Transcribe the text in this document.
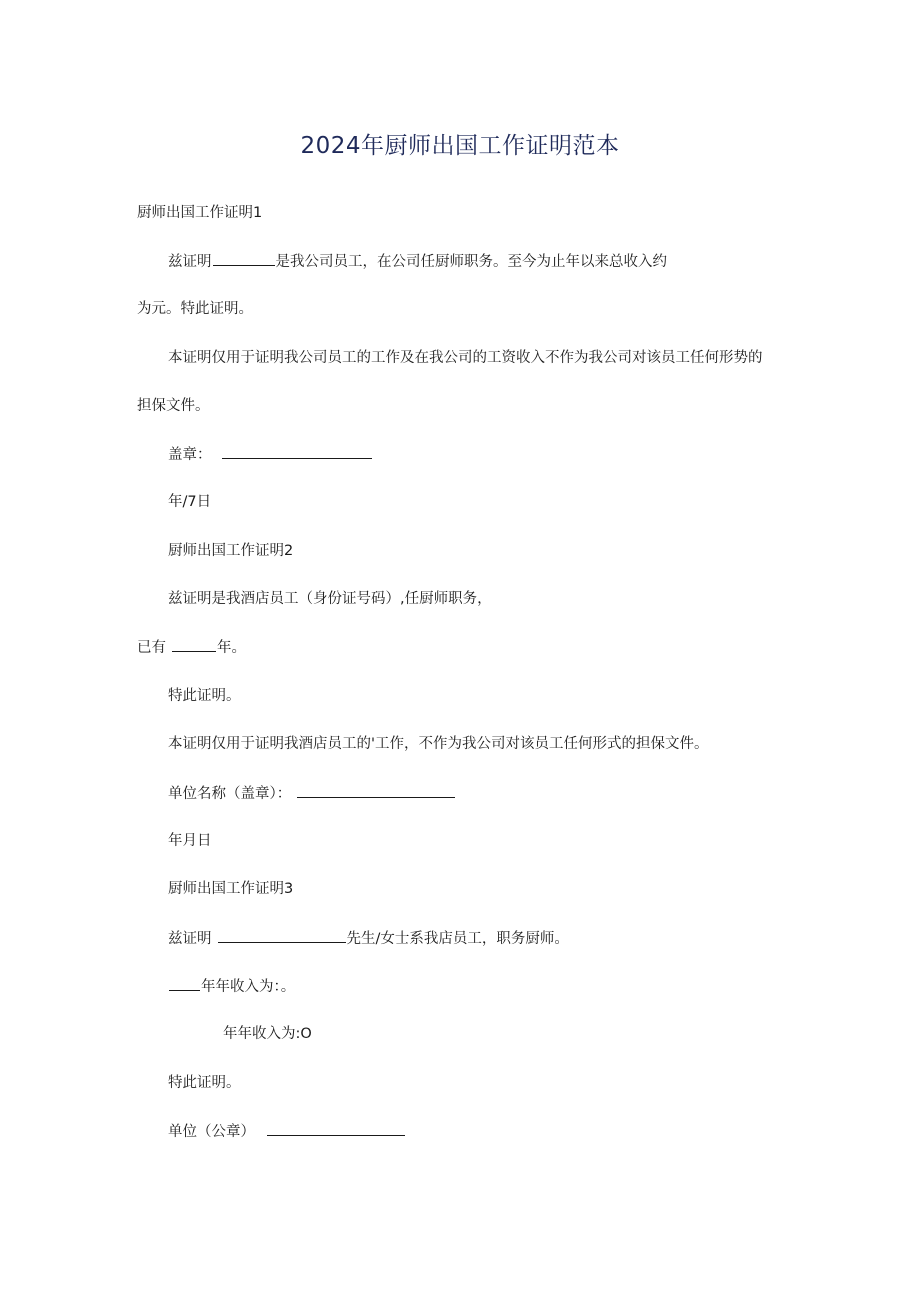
2024年厨师出国工作证明范本
厨师出国工作证明1
兹证明	是我公司员工，在公司任厨师职务。至今为止年以来总收入约
为元。特此证明。
本证明仅用于证明我公司员工的工作及在我公司的工资收入不作为我公司对该员工任何形势的
担保文件。
盖章：
年∕7日
厨师出国工作证明2
兹证明是我酒店员工（身份证号码）,任厨师职务，
已有	年。
特此证明。
本证明仅用于证明我酒店员工的'工作，不作为我公司对该员工任何形式的担保文件。
单位名称（盖章）：
年月日
厨师出国工作证明3
兹证明	先生/女士系我店员工，职务厨师。
年年收入为：。
年年收入为:O
特此证明。
单位（公章）
